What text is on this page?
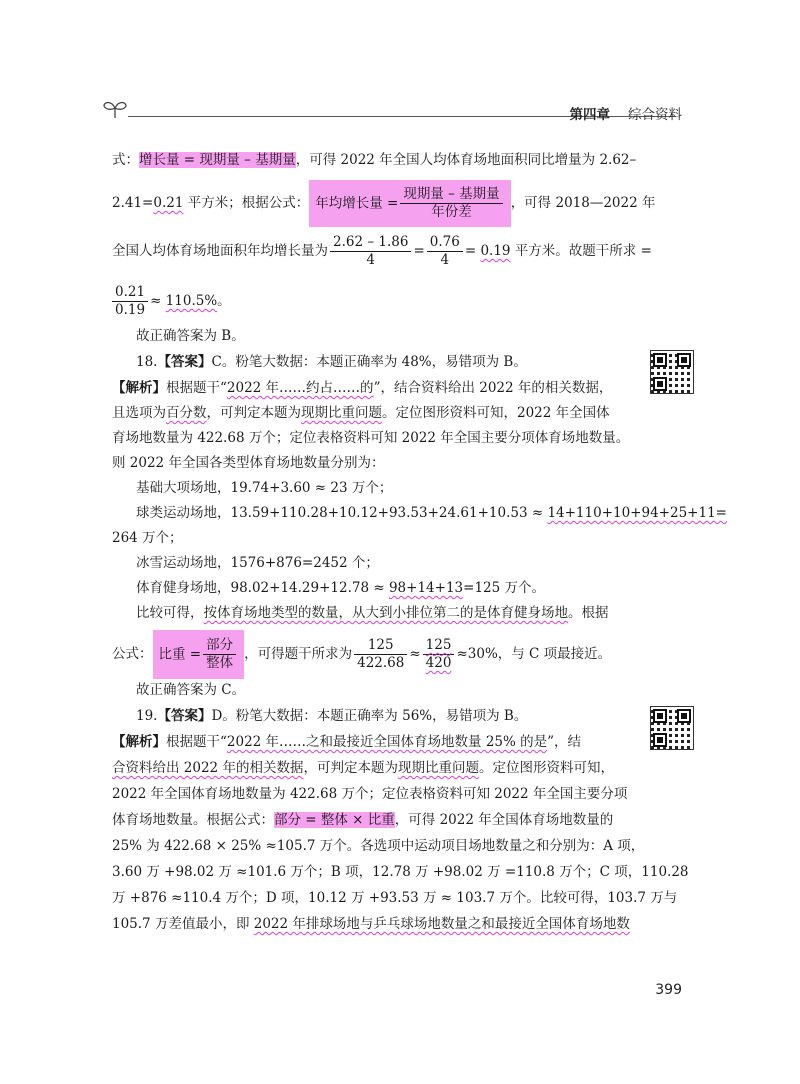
第四章 综合资料
式：增长量 = 现期量 – 基期量，可得 2022 年全国人均体育场地面积同比增量为 2.62–
2.41=0.21 平方米；根据公式： 年均增长量 = $\frac{\text{现期量 – 基期量}}{\text{年份差}}$ ，可得 2018—2022 年
全国人均体育场地面积年均增长量为 $\frac{2.62 - 1.86}{4} = \frac{0.76}{4} = 0.19$ 平方米。故题干所求 =
$\frac{0.21}{0.19} \approx 110.5\%$。
故正确答案为 B。
18.【答案】C。粉笔大数据：本题正确率为 48%，易错项为 B。
【解析】根据题干“2022 年……约占……的”，结合资料给出 2022 年的相关数据，
且选项为百分数，可判定本题为现期比重问题。定位图形资料可知，2022 年全国体
育场地数量为 422.68 万个；定位表格资料可知 2022 年全国主要分项体育场地数量。
则 2022 年全国各类型体育场地数量分别为：
基础大项场地，19.74+3.60 ≈ 23 万个；
球类运动场地，13.59+110.28+10.12+93.53+24.61+10.53 ≈ 14+110+10+94+25+11=
264 万个；
冰雪运动场地，1576+876=2452 个；
体育健身场地，98.02+14.29+12.78 ≈ 98+14+13=125 万个。
比较可得，按体育场地类型的数量，从大到小排位第二的是体育健身场地。根据
公式： 比重 = $\frac{\text{部分}}{\text{整体}}$ ，可得题干所求为 $\frac{125}{422.68} \approx \frac{125}{420} \approx 30\%$，与 C 项最接近。
故正确答案为 C。
19.【答案】D。粉笔大数据：本题正确率为 56%，易错项为 B。
【解析】根据题干“2022 年……之和最接近全国体育场地数量 25% 的是”，结
合资料给出 2022 年的相关数据，可判定本题为现期比重问题。定位图形资料可知，
2022 年全国体育场地数量为 422.68 万个；定位表格资料可知 2022 年全国主要分项
体育场地数量。根据公式：部分 = 整体 × 比重，可得 2022 年全国体育场地数量的
25% 为 422.68 × 25% ≈105.7 万个。各选项中运动项目场地数量之和分别为：A 项，
3.60 万 +98.02 万 ≈101.6 万个；B 项，12.78 万 +98.02 万 =110.8 万个；C 项，110.28
万 +876 ≈110.4 万个；D 项，10.12 万 +93.53 万 ≈ 103.7 万个。比较可得，103.7 万与
105.7 万差值最小，即 2022 年排球场地与乒乓球场地数量之和最接近全国体育场地数
399
